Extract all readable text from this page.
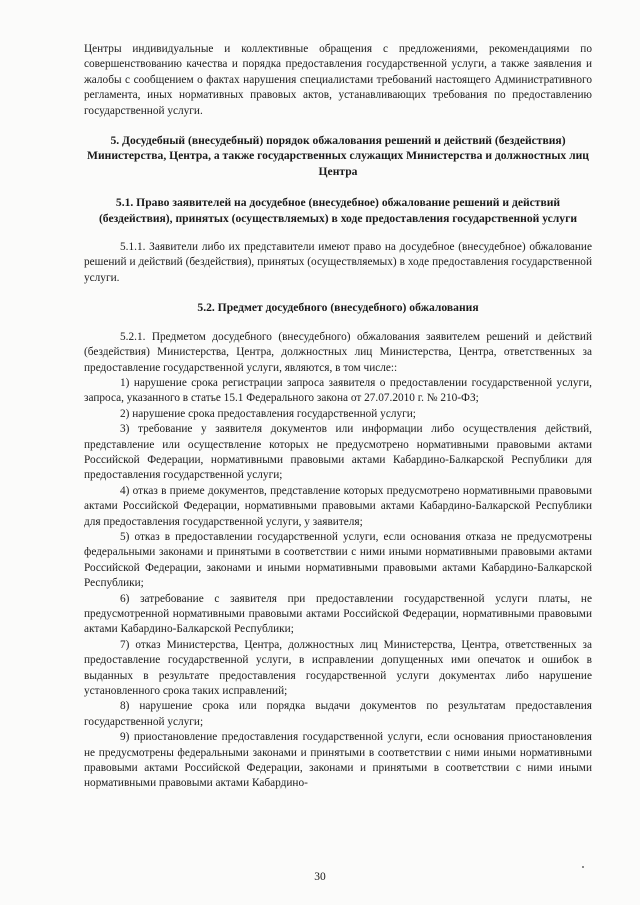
Центры индивидуальные и коллективные обращения с предложениями, рекомендациями по совершенствованию качества и порядка предоставления государственной услуги, а также заявления и жалобы с сообщением о фактах нарушения специалистами требований настоящего Административного регламента, иных нормативных правовых актов, устанавливающих требования по предоставлению государственной услуги.

5. Досудебный (внесудебный) порядок обжалования решений и действий (бездействия) Министерства, Центра, а также государственных служащих Министерства и должностных лиц Центра
5.1. Право заявителей на досудебное (внесудебное) обжалование решений и действий (бездействия), принятых (осуществляемых) в ходе предоставления государственной услуги

5.1.1. Заявители либо их представители имеют право на досудебное (внесудебное) обжалование решений и действий (бездействия), принятых (осуществляемых) в ходе предоставления государственной услуги.

5.2. Предмет досудебного (внесудебного) обжалования

5.2.1. Предметом досудебного (внесудебного) обжалования заявителем решений и действий (бездействия) Министерства, Центра, должностных лиц Министерства, Центра, ответственных за предоставление государственной услуги, являются, в том числе::

1) нарушение срока регистрации запроса заявителя о предоставлении государственной услуги, запроса, указанного в статье 15.1 Федерального закона от 27.07.2010 г. № 210-ФЗ;

2) нарушение срока предоставления государственной услуги;

3) требование у заявителя документов или информации либо осуществления действий, представление или осуществление которых не предусмотрено нормативными правовыми актами Российской Федерации, нормативными правовыми актами Кабардино-Балкарской Республики для предоставления государственной услуги;

4) отказ в приеме документов, представление которых предусмотрено нормативными правовыми актами Российской Федерации, нормативными правовыми актами Кабардино-Балкарской Республики для предоставления государственной услуги, у заявителя;

5) отказ в предоставлении государственной услуги, если основания отказа не предусмотрены федеральными законами и принятыми в соответствии с ними иными нормативными правовыми актами Российской Федерации, законами и иными нормативными правовыми актами Кабардино-Балкарской Республики;

6) затребование с заявителя при предоставлении государственной услуги платы, не предусмотренной нормативными правовыми актами Российской Федерации, нормативными правовыми актами Кабардино-Балкарской Республики;

7) отказ Министерства, Центра, должностных лиц Министерства, Центра, ответственных за предоставление государственной услуги, в исправлении допущенных ими опечаток и ошибок в выданных в результате предоставления государственной услуги документах либо нарушение установленного срока таких исправлений;

8) нарушение срока или порядка выдачи документов по результатам предоставления государственной услуги;

9) приостановление предоставления государственной услуги, если основания приостановления не предусмотрены федеральными законами и принятыми в соответствии с ними иными нормативными правовыми актами Российской Федерации, законами и принятыми в соответствии с ними иными нормативными правовыми актами Кабардино-

30
